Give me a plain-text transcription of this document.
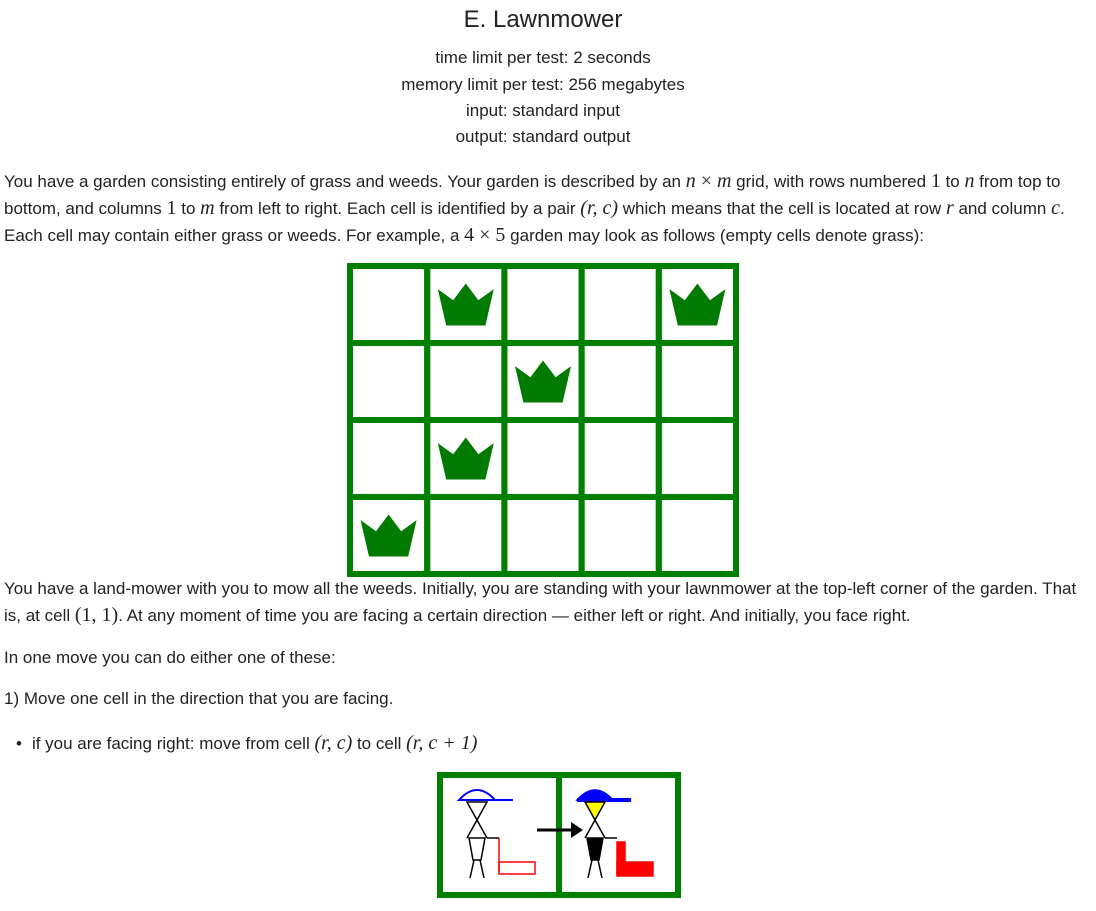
E. Lawnmower
time limit per test: 2 seconds
memory limit per test: 256 megabytes
input: standard input
output: standard output
You have a garden consisting entirely of grass and weeds. Your garden is described by an n × m grid, with rows numbered 1 to n from top to bottom, and columns 1 to m from left to right. Each cell is identified by a pair (r, c) which means that the cell is located at row r and column c. Each cell may contain either grass or weeds. For example, a 4 × 5 garden may look as follows (empty cells denote grass):
You have a land-mower with you to mow all the weeds. Initially, you are standing with your lawnmower at the top-left corner of the garden. That is, at cell (1, 1). At any moment of time you are facing a certain direction — either left or right. And initially, you face right.
In one move you can do either one of these:
1) Move one cell in the direction that you are facing.
• if you are facing right: move from cell (r, c) to cell (r, c + 1)
